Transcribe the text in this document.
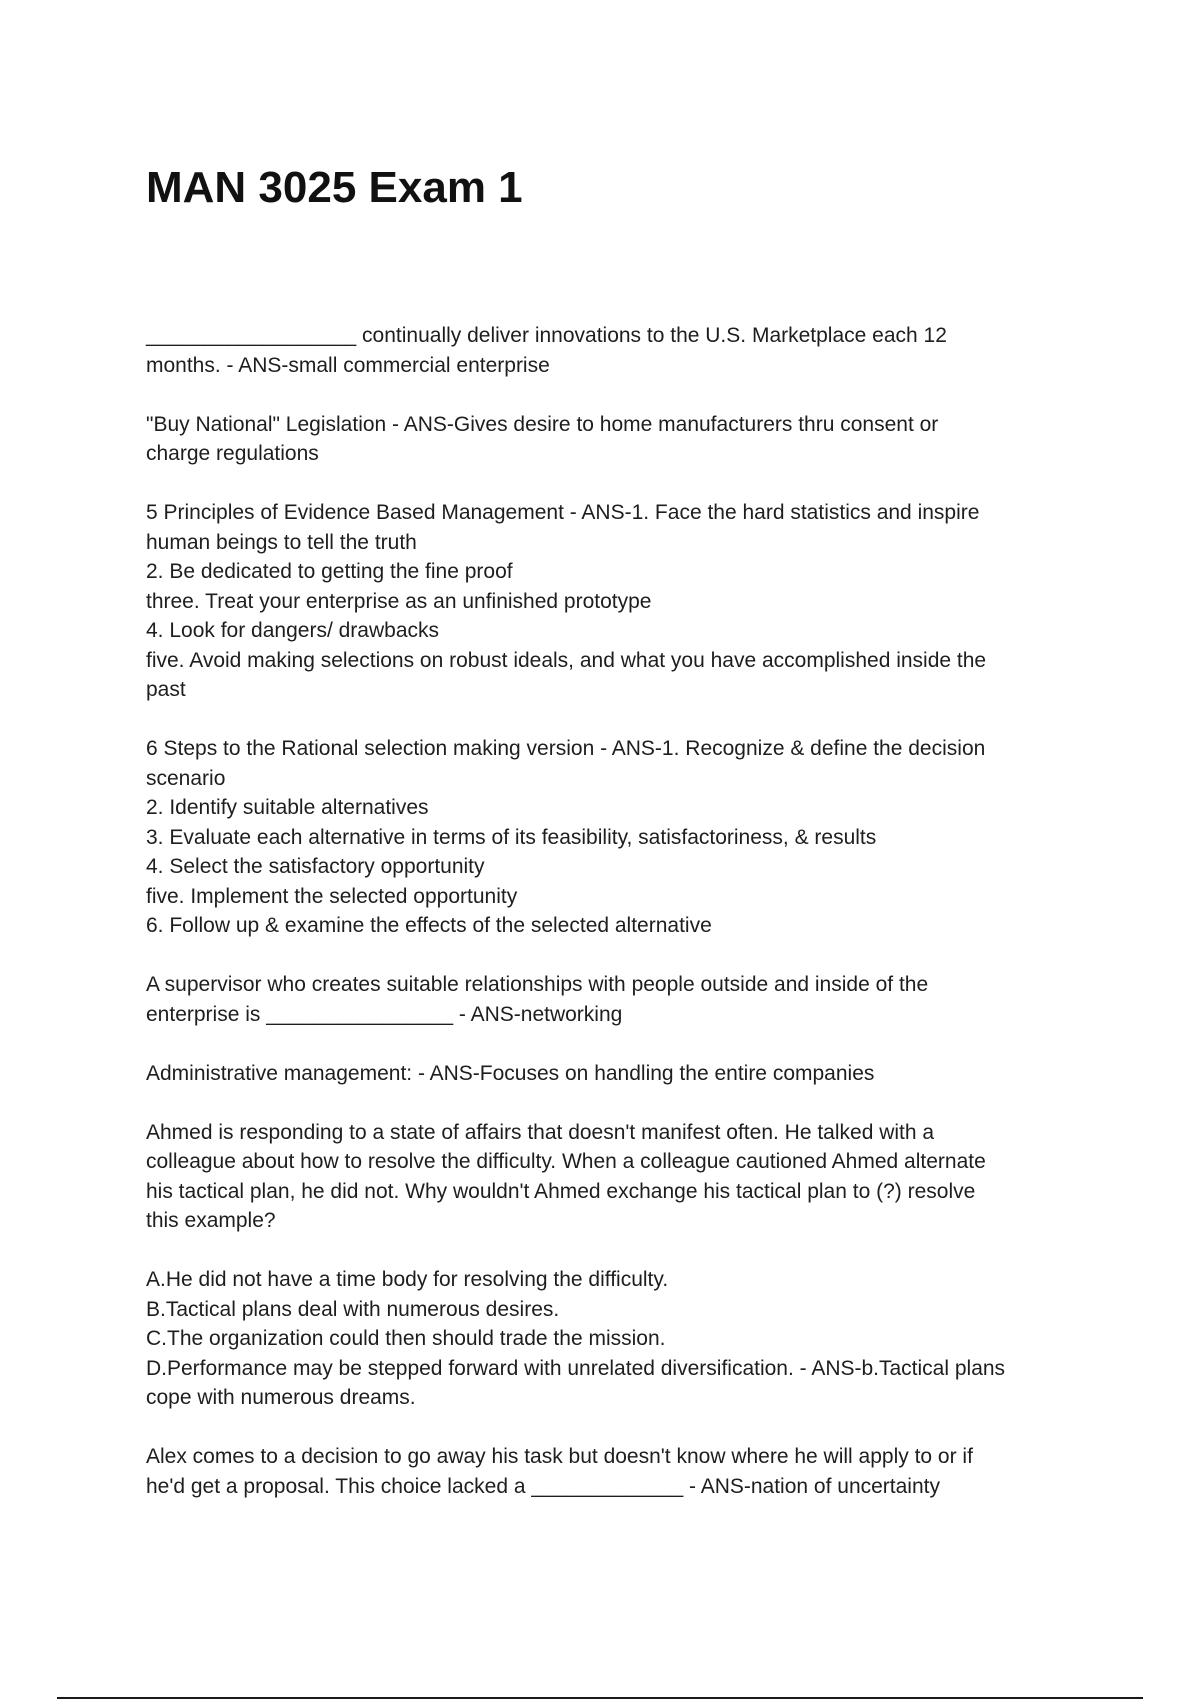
MAN 3025 Exam 1

__________________ continually deliver innovations to the U.S. Marketplace each 12

months. - ANS-small commercial enterprise

"Buy National" Legislation - ANS-Gives desire to home manufacturers thru consent or

charge regulations

5 Principles of Evidence Based Management - ANS-1. Face the hard statistics and inspire

human beings to tell the truth

2. Be dedicated to getting the fine proof

three. Treat your enterprise as an unfinished prototype

4. Look for dangers/ drawbacks

five. Avoid making selections on robust ideals, and what you have accomplished inside the

past

6 Steps to the Rational selection making version - ANS-1. Recognize & define the decision

scenario

2. Identify suitable alternatives

3. Evaluate each alternative in terms of its feasibility, satisfactoriness, & results

4. Select the satisfactory opportunity

five. Implement the selected opportunity

6. Follow up & examine the effects of the selected alternative

A supervisor who creates suitable relationships with people outside and inside of the

enterprise is ________________ - ANS-networking

Administrative management: - ANS-Focuses on handling the entire companies

Ahmed is responding to a state of affairs that doesn't manifest often. He talked with a

colleague about how to resolve the difficulty. When a colleague cautioned Ahmed alternate

his tactical plan, he did not. Why wouldn't Ahmed exchange his tactical plan to (?) resolve

this example?

A.He did not have a time body for resolving the difficulty.

B.Tactical plans deal with numerous desires.

C.The organization could then should trade the mission.

D.Performance may be stepped forward with unrelated diversification. - ANS-b.Tactical plans

cope with numerous dreams.

Alex comes to a decision to go away his task but doesn't know where he will apply to or if

he'd get a proposal. This choice lacked a _____________ - ANS-nation of uncertainty
